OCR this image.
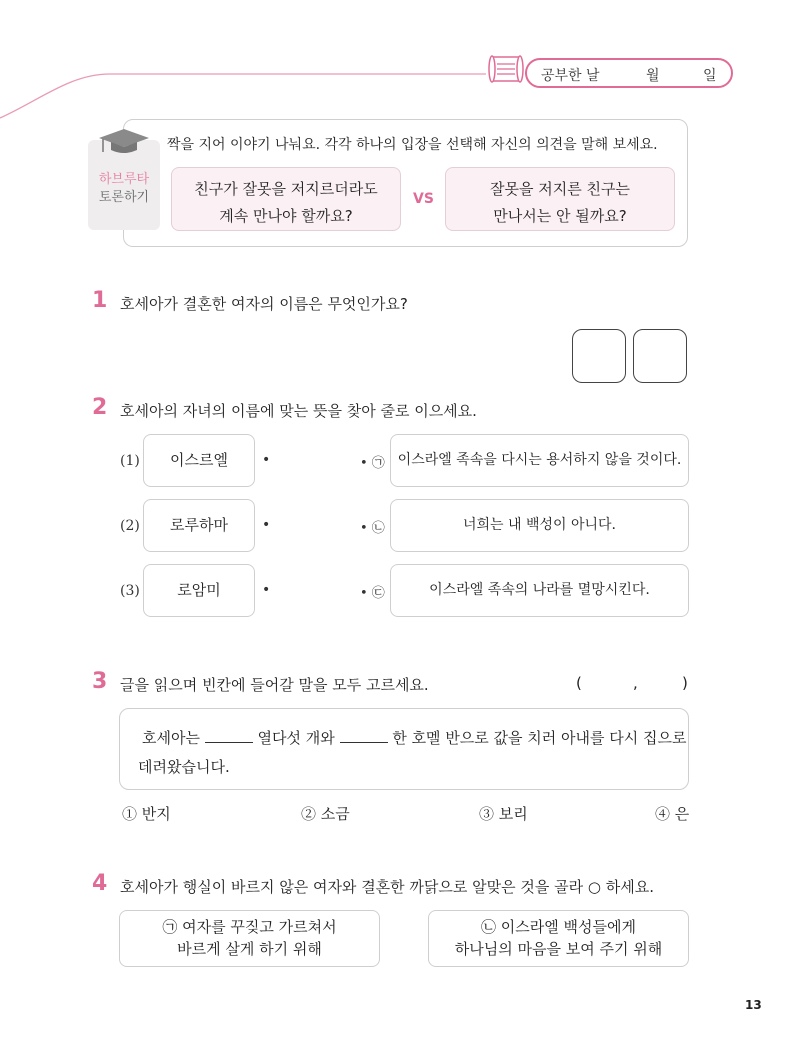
공부한 날	월	일
하브루타
토론하기
짝을 지어 이야기 나눠요. 각각 하나의 입장을 선택해 자신의 의견을 말해 보세요.
친구가 잘못을 저지르더라도
계속 만나야 할까요?
VS
잘못을 저지른 친구는
만나서는 안 될까요?
1 호세아가 결혼한 여자의 이름은 무엇인가요?
2 호세아의 자녀의 이름에 맞는 뜻을 찾아 줄로 이으세요.
(1)	이스르엘	•	• ㉠ 이스라엘 족속을 다시는 용서하지 않을 것이다.
(2)	로루하마	•	• ㉡	너희는 내 백성이 아니다.
(3)	로암미	•	• ㉢	이스라엘 족속의 나라를 멸망시킨다.
3 글을 읽으며 빈칸에 들어갈 말을 모두 고르세요.	(	,	)
호세아는	열다섯 개와	한 호멜 반으로 값을 치러 아내를 다시 집으로
데려왔습니다.
① 반지	② 소금	③ 보리	④ 은
4 호세아가 행실이 바르지 않은 여자와 결혼한 까닭으로 알맞은 것을 골라 ○ 하세요.
㉠ 여자를 꾸짖고 가르쳐서
바르게 살게 하기 위해
㉡ 이스라엘 백성들에게
하나님의 마음을 보여 주기 위해
13
